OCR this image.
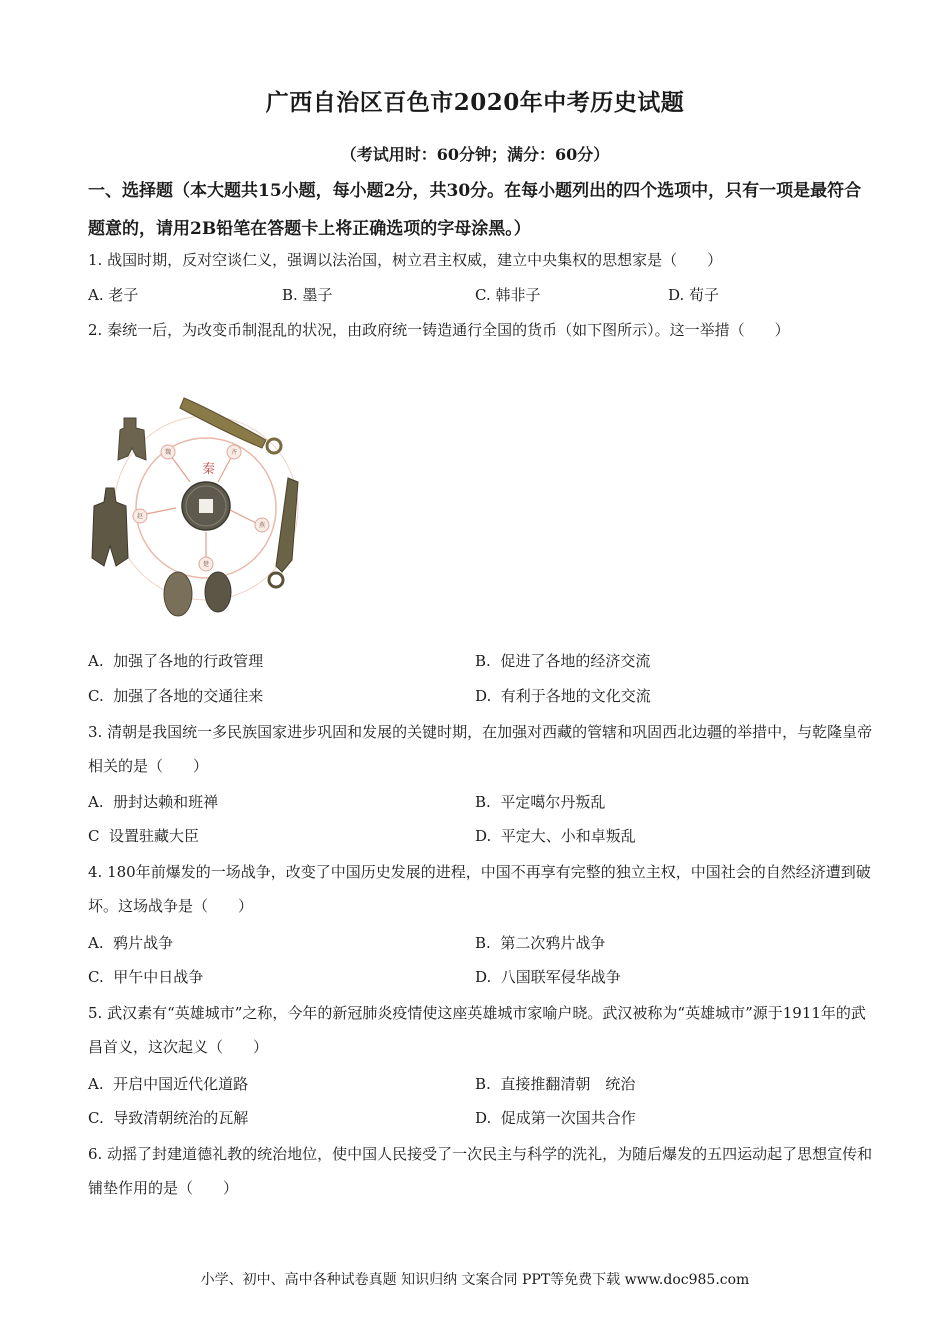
广西自治区百色市2020年中考历史试题
（考试用时：60分钟；满分：60分）
一、选择题（本大题共15小题，每小题2分，共30分。在每小题列出的四个选项中，只有一项是最符合题意的，请用2B铅笔在答题卡上将正确选项的字母涂黑。）
1. 战国时期，反对空谈仁义，强调以法治国，树立君主权威，建立中央集权的思想家是（　　）
A. 老子	B. 墨子	C. 韩非子	D. 荀子
2. 秦统一后，为改变币制混乱的状况，由政府统一铸造通行全国的货币（如下图所示）。这一举措（　　）
秦
魏	齐
赵
燕
楚
A.  加强了各地的行政管理	B.  促进了各地的经济交流
C.  加强了各地的交通往来	D.  有利于各地的文化交流
3. 清朝是我国统一多民族国家进步巩固和发展的关键时期，在加强对西藏的管辖和巩固西北边疆的举措中，与乾隆皇帝相关的是（　　）
A.  册封达赖和班禅	B.  平定噶尔丹叛乱
C  设置驻藏大臣	D.  平定大、小和卓叛乱
4. 180年前爆发的一场战争，改变了中国历史发展的进程，中国不再享有完整的独立主权，中国社会的自然经济遭到破坏。这场战争是（　　）
A.  鸦片战争	B.  第二次鸦片战争
C.  甲午中日战争	D.  八国联军侵华战争
5. 武汉素有“英雄城市”之称，今年的新冠肺炎疫情使这座英雄城市家喻户晓。武汉被称为“英雄城市”源于1911年的武昌首义，这次起义（　　）
A.  开启中国近代化道路	B.  直接推翻清朝　统治
C.  导致清朝统治的瓦解	D.  促成第一次国共合作
6. 动摇了封建道德礼教的统治地位，使中国人民接受了一次民主与科学的洗礼，为随后爆发的五四运动起了思想宣传和铺垫作用的是（　　）
小学、初中、高中各种试卷真题 知识归纳 文案合同 PPT等免费下载 www.doc985.com
